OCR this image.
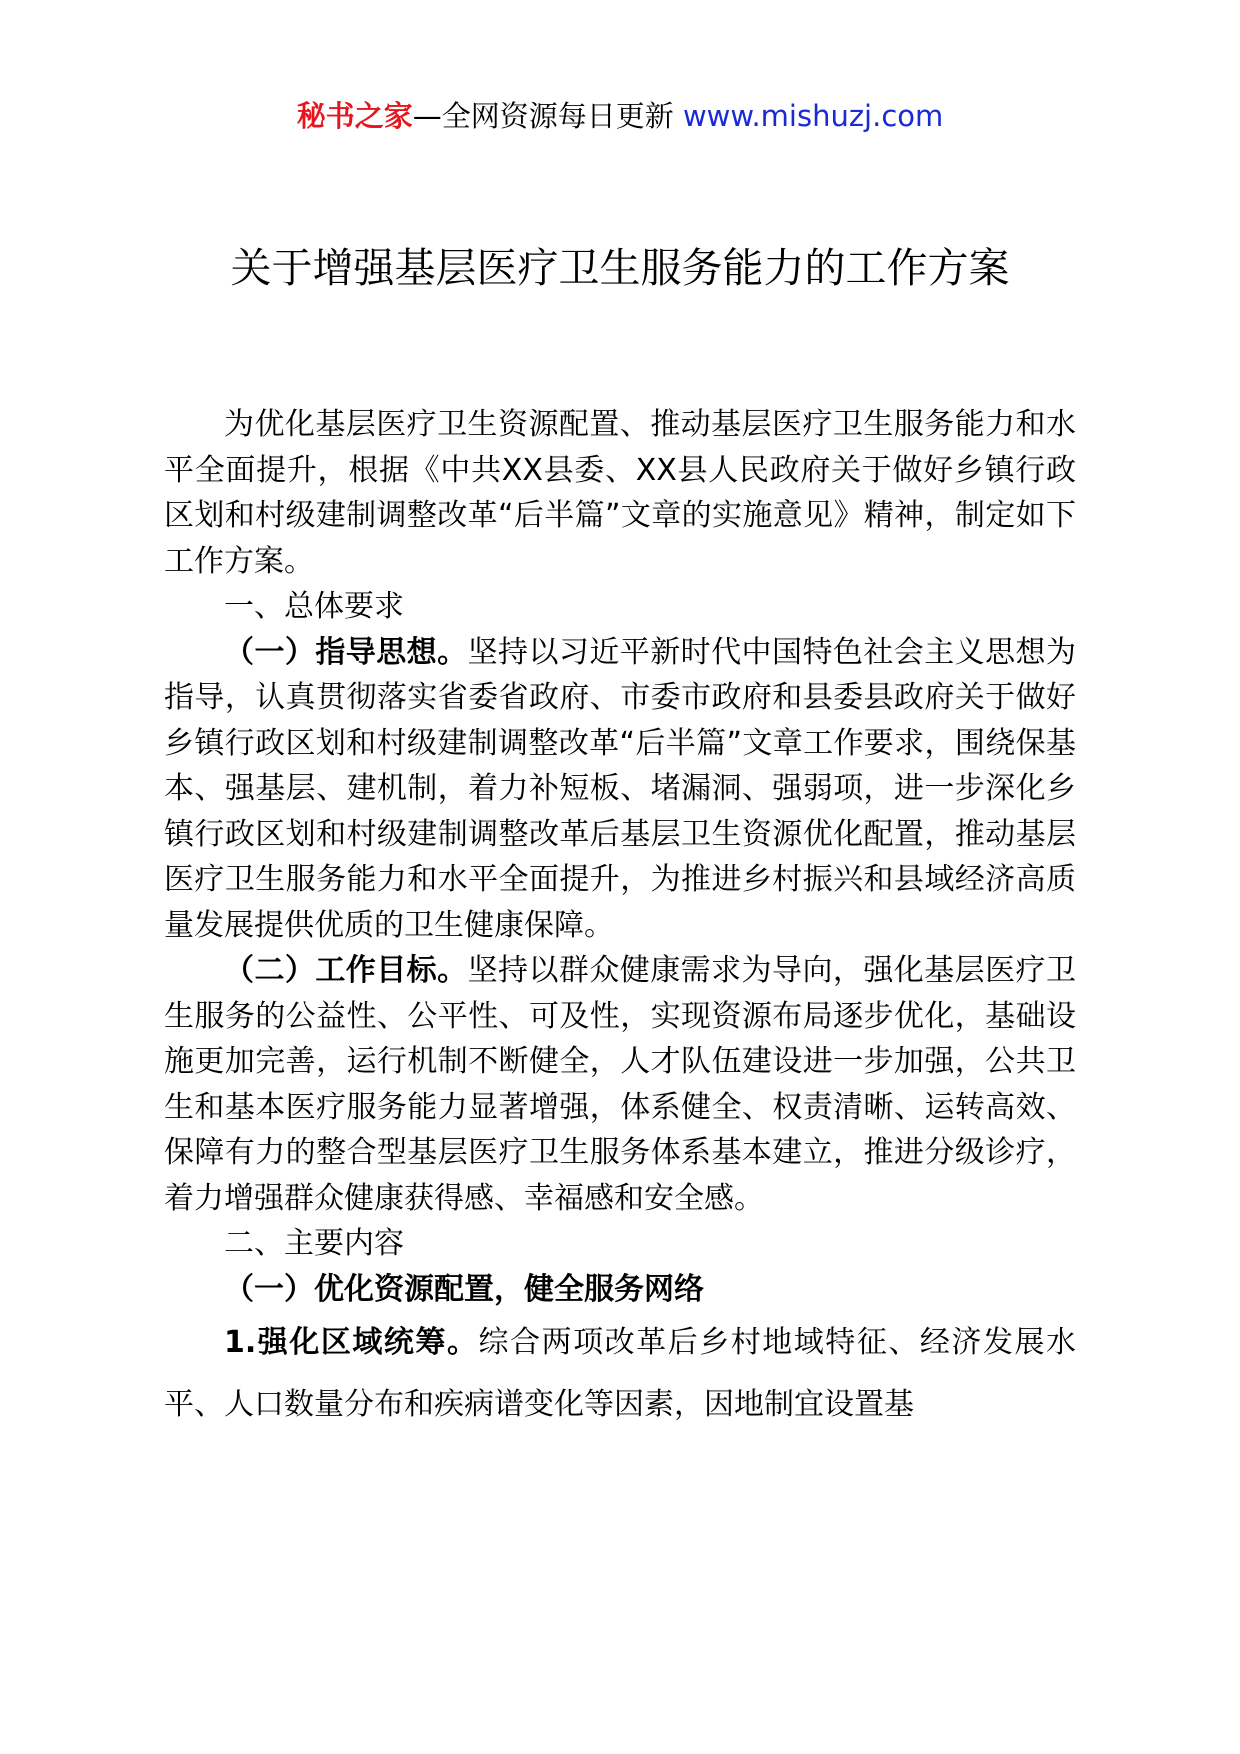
秘书之家—全网资源每日更新 www.mishuzj.com
关于增强基层医疗卫生服务能力的工作方案

为优化基层医疗卫生资源配置、推动基层医疗卫生服务能力和水平全面提升，根据《中共XX县委、XX县人民政府关于做好乡镇行政区划和村级建制调整改革“后半篇”文章的实施意见》精神，制定如下工作方案。

一、总体要求

（一）指导思想。坚持以习近平新时代中国特色社会主义思想为指导，认真贯彻落实省委省政府、市委市政府和县委县政府关于做好乡镇行政区划和村级建制调整改革“后半篇”文章工作要求，围绕保基本、强基层、建机制，着力补短板、堵漏洞、强弱项，进一步深化乡镇行政区划和村级建制调整改革后基层卫生资源优化配置，推动基层医疗卫生服务能力和水平全面提升，为推进乡村振兴和县域经济高质量发展提供优质的卫生健康保障。

（二）工作目标。坚持以群众健康需求为导向，强化基层医疗卫生服务的公益性、公平性、可及性，实现资源布局逐步优化，基础设施更加完善，运行机制不断健全，人才队伍建设进一步加强，公共卫生和基本医疗服务能力显著增强，体系健全、权责清晰、运转高效、保障有力的整合型基层医疗卫生服务体系基本建立，推进分级诊疗，着力增强群众健康获得感、幸福感和安全感。

二、主要内容

（一）优化资源配置，健全服务网络

1.强化区域统筹。综合两项改革后乡村地域特征、经济发展水平、人口数量分布和疾病谱变化等因素，因地制宜设置基
